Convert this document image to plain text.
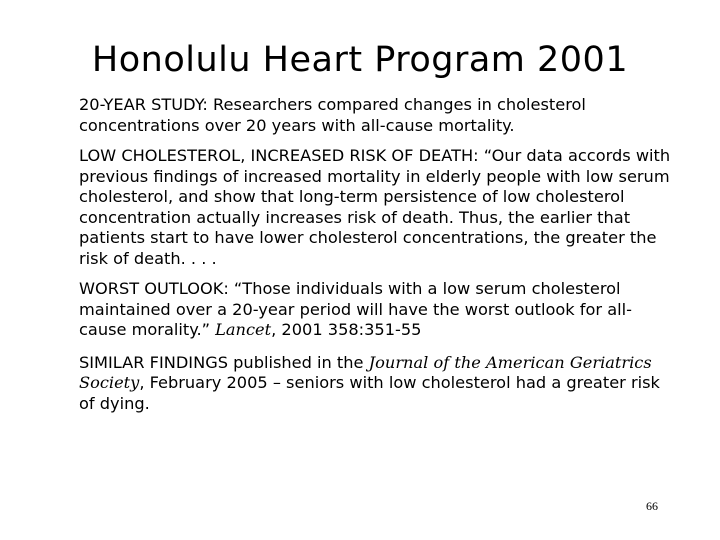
Honolulu Heart Program 2001

20-YEAR STUDY: Researchers compared changes in cholesterol concentrations over 20 years with all-cause mortality.

LOW CHOLESTEROL, INCREASED RISK OF DEATH: “Our data accords with previous findings of increased mortality in elderly people with low serum cholesterol, and show that long-term persistence of low cholesterol concentration actually increases risk of death. Thus, the earlier that patients start to have lower cholesterol concentrations, the greater the risk of death. . . .

WORST OUTLOOK: “Those individuals with a low serum cholesterol maintained over a 20-year period will have the worst outlook for all-cause morality.” Lancet, 2001 358:351-55

SIMILAR FINDINGS published in the Journal of the American Geriatrics Society, February 2005 – seniors with low cholesterol had a greater risk of dying.

66
